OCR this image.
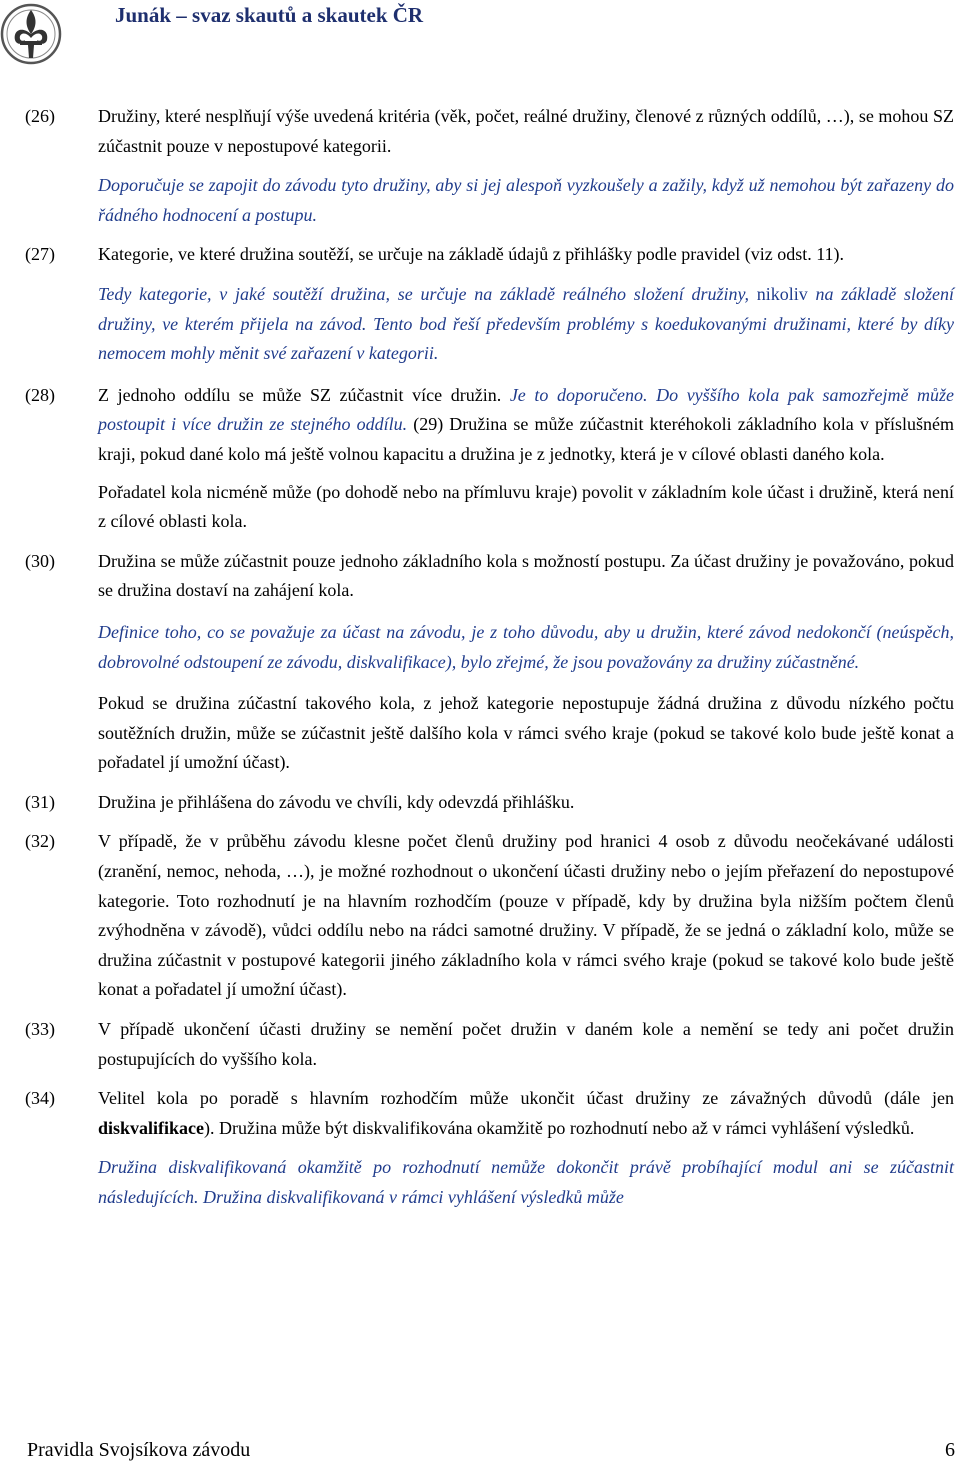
Junák – svaz skautů a skautek ČR
(26) Družiny, které nesplňují výše uvedená kritéria (věk, počet, reálné družiny, členové z různých oddílů, …), se mohou SZ zúčastnit pouze v nepostupové kategorii.
Doporučuje se zapojit do závodu tyto družiny, aby si jej alespoň vyzkoušely a zažily, když už nemohou být zařazeny do řádného hodnocení a postupu.
(27) Kategorie, ve které družina soutěží, se určuje na základě údajů z přihlášky podle pravidel (viz odst. 11).
Tedy kategorie, v jaké soutěží družina, se určuje na základě reálného složení družiny, nikoliv na základě složení družiny, ve kterém přijela na závod. Tento bod řeší především problémy s koedukovanými družinami, které by díky nemocem mohly měnit své zařazení v kategorii.
(28) Z jednoho oddílu se může SZ zúčastnit více družin. Je to doporučeno. Do vyššího kola pak samozřejmě může postoupit i více družin ze stejného oddílu. (29) Družina se může zúčastnit kteréhokoli základního kola v příslušném kraji, pokud dané kolo má ještě volnou kapacitu a družina je z jednotky, která je v cílové oblasti daného kola.
Pořadatel kola nicméně může (po dohodě nebo na přímluvu kraje) povolit v základním kole účast i družině, která není z cílové oblasti kola.
(30) Družina se může zúčastnit pouze jednoho základního kola s možností postupu. Za účast družiny je považováno, pokud se družina dostaví na zahájení kola.
Definice toho, co se považuje za účast na závodu, je z toho důvodu, aby u družin, které závod nedokončí (neúspěch, dobrovolné odstoupení ze závodu, diskvalifikace), bylo zřejmé, že jsou považovány za družiny zúčastněné.
Pokud se družina zúčastní takového kola, z jehož kategorie nepostupuje žádná družina z důvodu nízkého počtu soutěžních družin, může se zúčastnit ještě dalšího kola v rámci svého kraje (pokud se takové kolo bude ještě konat a pořadatel jí umožní účast).
(31) Družina je přihlášena do závodu ve chvíli, kdy odevzdá přihlášku.
(32) V případě, že v průběhu závodu klesne počet členů družiny pod hranici 4 osob z důvodu neočekávané události (zranění, nemoc, nehoda, …), je možné rozhodnout o ukončení účasti družiny nebo o jejím přeřazení do nepostupové kategorie. Toto rozhodnutí je na hlavním rozhodčím (pouze v případě, kdy by družina byla nižším počtem členů zvýhodněna v závodě), vůdci oddílu nebo na rádci samotné družiny. V případě, že se jedná o základní kolo, může se družina zúčastnit v postupové kategorii jiného základního kola v rámci svého kraje (pokud se takové kolo bude ještě konat a pořadatel jí umožní účast).
(33) V případě ukončení účasti družiny se nemění počet družin v daném kole a nemění se tedy ani počet družin postupujících do vyššího kola.
(34) Velitel kola po poradě s hlavním rozhodčím může ukončit účast družiny ze závažných důvodů (dále jen diskvalifikace). Družina může být diskvalifikována okamžitě po rozhodnutí nebo až v rámci vyhlášení výsledků.
Družina diskvalifikovaná okamžitě po rozhodnutí nemůže dokončit právě probíhající modul ani se zúčastnit následujících. Družina diskvalifikovaná v rámci vyhlášení výsledků může
Pravidla Svojsíkova závodu	6
